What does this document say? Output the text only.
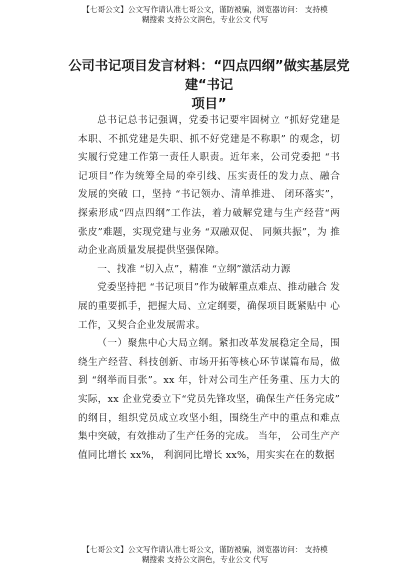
【七哥公文】公文写作请认准七哥公文，谨防被骗，浏览器访问： 支持模
糊搜索 支持公文润色，专业公文 代写
公司书记项目发言材料：“四点四纲”做实基层党建“书记
项目”

总书记总书记强调，党委书记要牢固树立 “抓好党建是 本职、不抓党建是失职、抓不好党建是不称职” 的观念，切 实履行党建工作第一责任人职责。近年来，公司党委把 “书 记项目”作为统筹全局的牵引线、压实责任的发力点、融合 发展的突破 口，坚持 “书记领办、清单推进、 闭环落实”， 探索形成“四点四纲”工作法，着力破解党建与生产经营“两 张皮”难题，实现党建与业务 “双融双促、 同频共振”，为 推动企业高质量发展提供坚强保障。

一、找准 “切入点”，精准 “立纲”激活动力源

党委坚持把 “书记项目”作为破解重点难点、推动融合 发展的重要抓手，把握大局、立定纲要，确保项目既紧贴中 心工作，又契合企业发展需求。

（一）聚焦中心大局立纲。紧扣改革发展稳定全局，围 绕生产经营、科技创新、市场开拓等核心环节谋篇布局，做 到 “纲举而目张”。xx 年，针对公司生产任务重、压力大的 实际，xx 企业党委立下“党员先锋攻坚，确保生产任务完成” 的纲目，组织党员成立攻坚小组，围绕生产中的重点和难点 集中突破，有效推动了生产任务的完成。 当年， 公司生产产 值同比增长 xx%， 利润同比增长 xx%，用实实在在的数据

【七哥公文】公文写作请认准七哥公文，谨防被骗，浏览器访问： 支持模
糊搜索 支持公文润色，专业公文 代写
